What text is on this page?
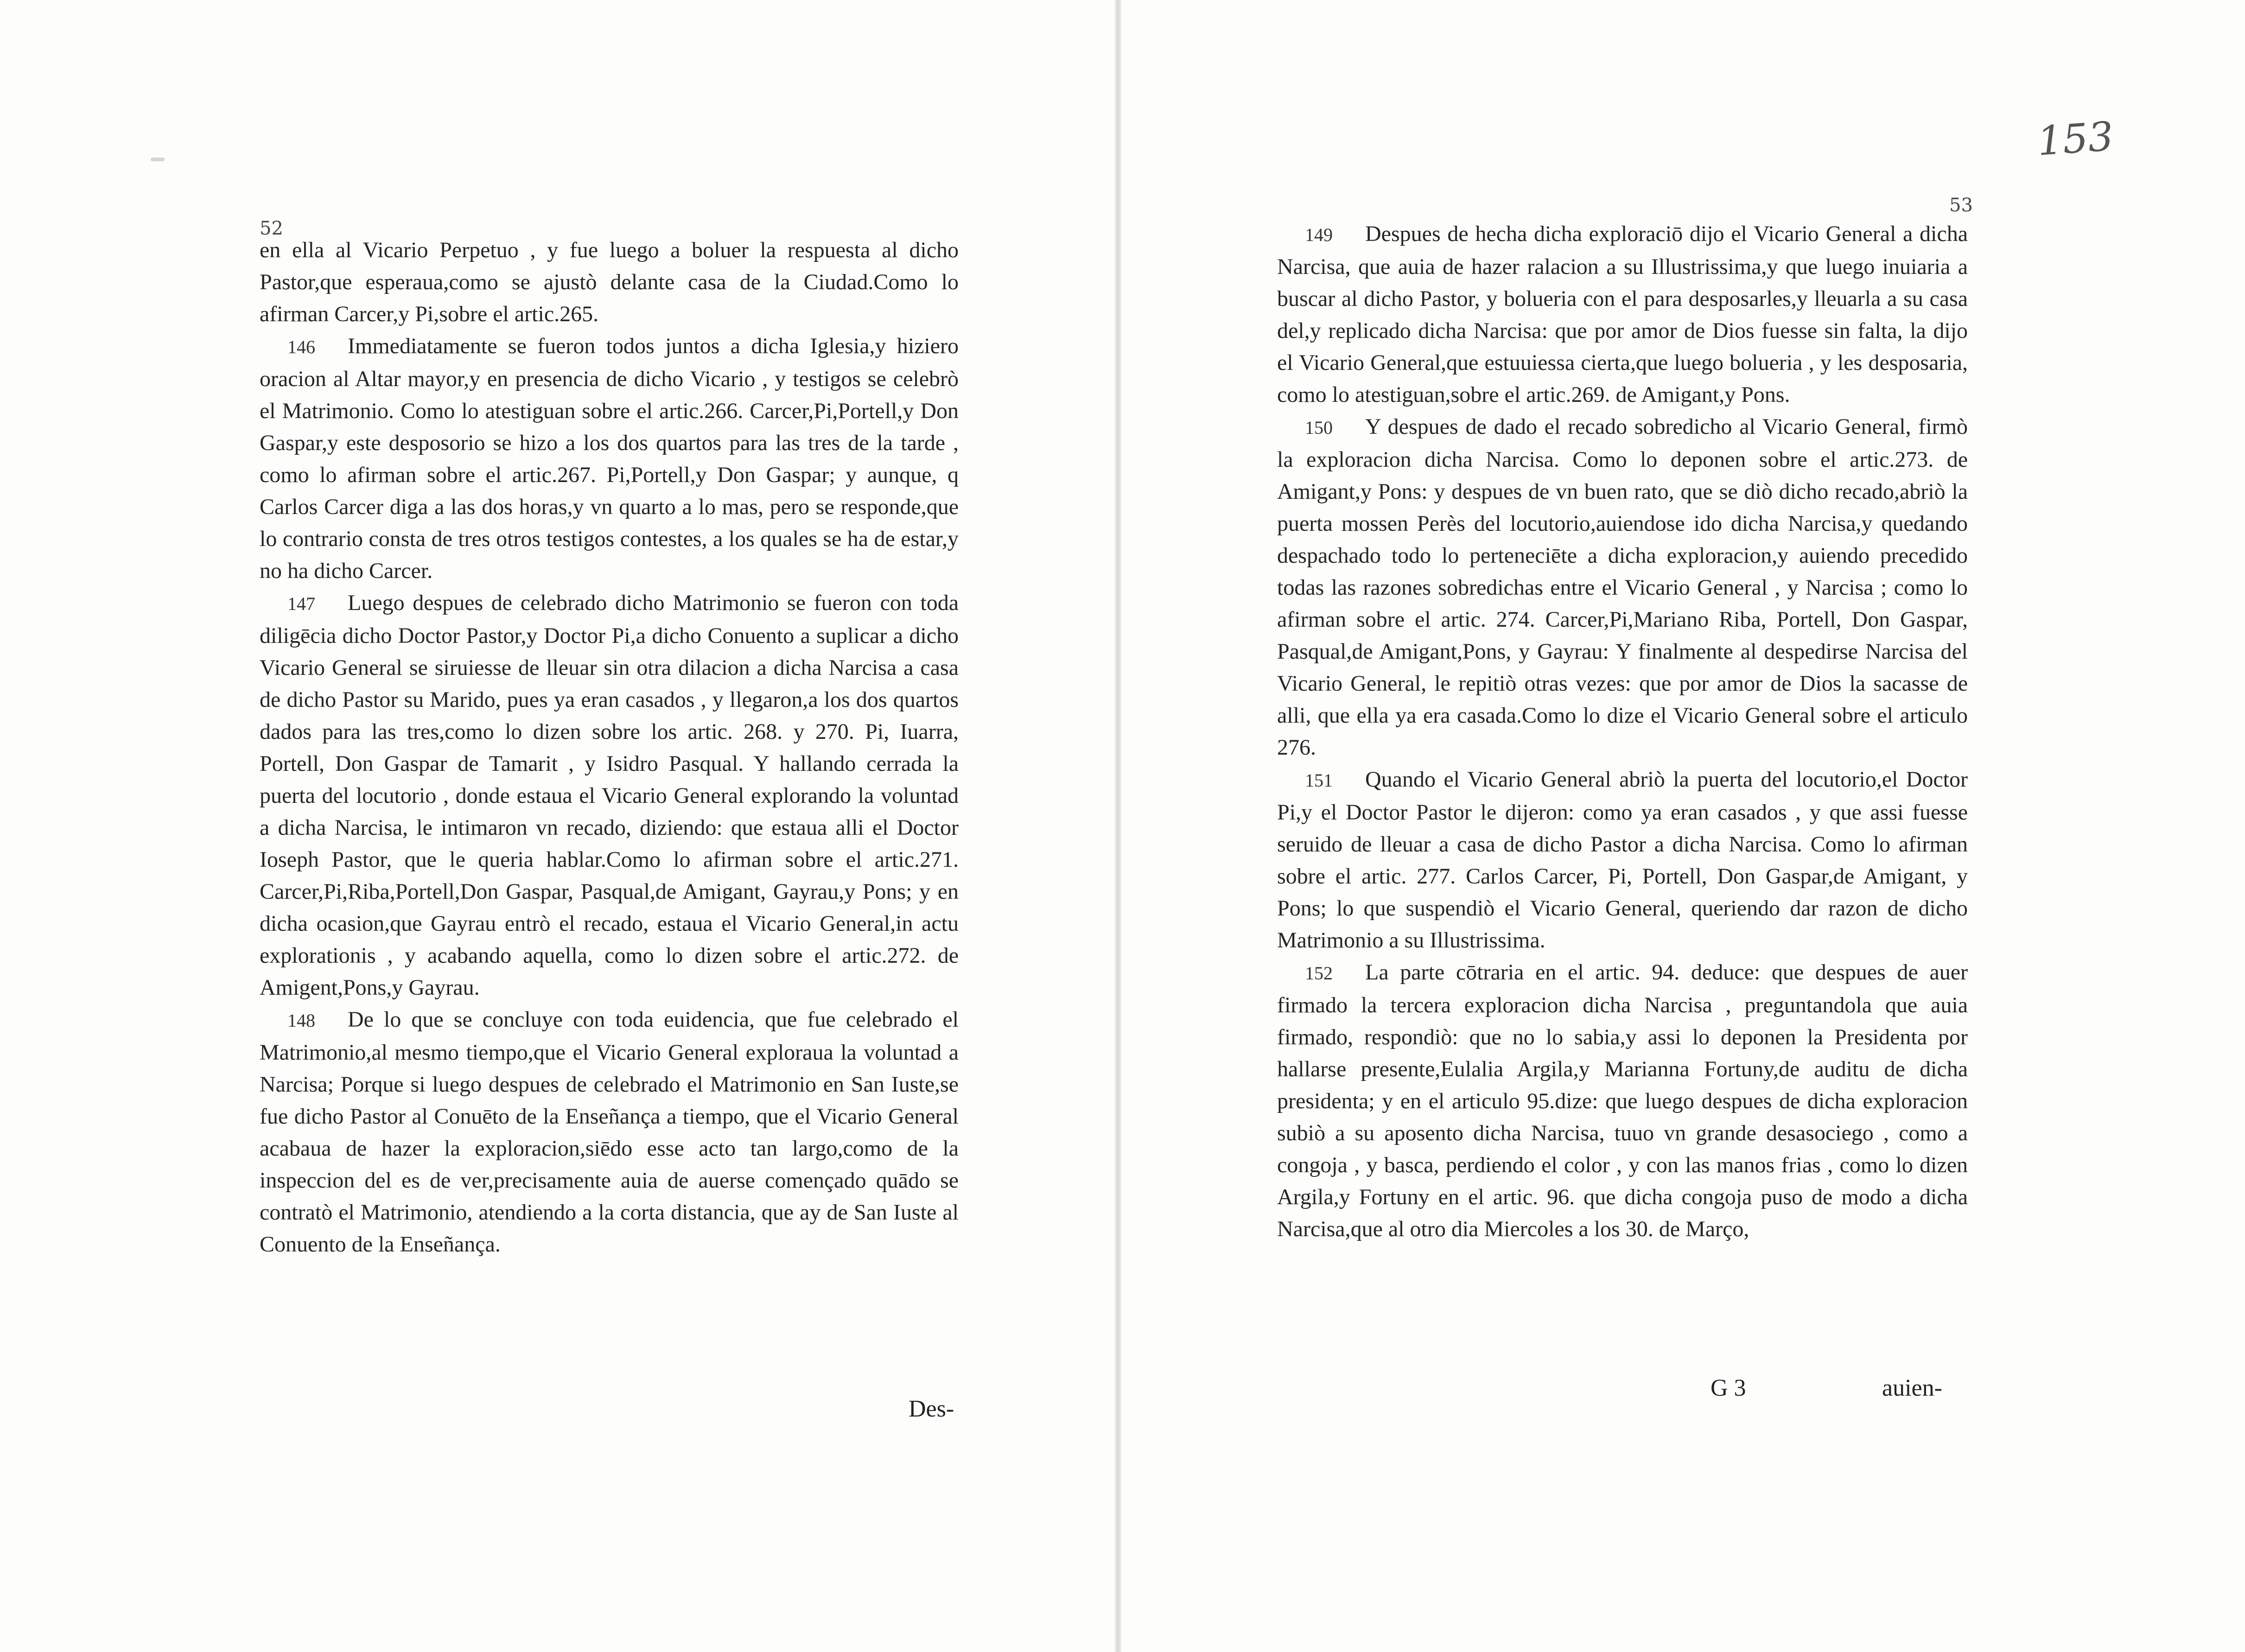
52

en ella al Vicario Perpetuo , y fue luego a boluer la respuesta al dicho Pastor,que esperaua,como se ajustò delante casa de la Ciudad.Como lo afirman Carcer,y Pi,sobre el artic.265.

146 Immediatamente se fueron todos juntos a dicha Iglesia,y hiziero oracion al Altar mayor,y en presencia de dicho Vicario , y testigos se celebrò el Matrimonio. Como lo atestiguan sobre el artic.266. Carcer,Pi,Portell,y Don Gaspar,y este desposorio se hizo a los dos quartos para las tres de la tarde , como lo afirman sobre el artic.267. Pi,Portell,y Don Gaspar; y aunque, q Carlos Carcer diga a las dos horas,y vn quarto a lo mas, pero se responde,que lo contrario consta de tres otros testigos contestes, a los quales se ha de estar,y no ha dicho Carcer.

147 Luego despues de celebrado dicho Matrimonio se fueron con toda diligēcia dicho Doctor Pastor,y Doctor Pi,a dicho Conuento a suplicar a dicho Vicario General se siruiesse de lleuar sin otra dilacion a dicha Narcisa a casa de dicho Pastor su Marido, pues ya eran casados , y llegaron,a los dos quartos dados para las tres,como lo dizen sobre los artic. 268. y 270. Pi, Iuarra, Portell, Don Gaspar de Tamarit , y Isidro Pasqual. Y hallando cerrada la puerta del locutorio , donde estaua el Vicario General explorando la voluntad a dicha Narcisa, le intimaron vn recado, diziendo: que estaua alli el Doctor Ioseph Pastor, que le queria hablar.Como lo afirman sobre el artic.271. Carcer,Pi,Riba,Portell,Don Gaspar, Pasqual,de Amigant, Gayrau,y Pons; y en dicha ocasion,que Gayrau entrò el recado, estaua el Vicario General,in actu explorationis , y acabando aquella, como lo dizen sobre el artic.272. de Amigent,Pons,y Gayrau.

148 De lo que se concluye con toda euidencia, que fue celebrado el Matrimonio,al mesmo tiempo,que el Vicario General exploraua la voluntad a Narcisa; Porque si luego despues de celebrado el Matrimonio en San Iuste,se fue dicho Pastor al Conuēto de la Enseñança a tiempo, que el Vicario General acabaua de hazer la exploracion,siēdo esse acto tan largo,como de la inspeccion del es de ver,precisamente auia de auerse començado quādo se contratò el Matrimonio, atendiendo a la corta distancia, que ay de San Iuste al Conuento de la Enseñança.

Des-
153
53

149 Despues de hecha dicha exploraciō dijo el Vicario General a dicha Narcisa, que auia de hazer ralacion a su Illustrissima,y que luego inuiaria a buscar al dicho Pastor, y bolueria con el para desposarles,y lleuarla a su casa del,y replicado dicha Narcisa: que por amor de Dios fuesse sin falta, la dijo el Vicario General,que estuuiessa cierta,que luego bolueria , y les desposaria, como lo atestiguan,sobre el artic.269. de Amigant,y Pons.

150 Y despues de dado el recado sobredicho al Vicario General, firmò la exploracion dicha Narcisa. Como lo deponen sobre el artic.273. de Amigant,y Pons: y despues de vn buen rato, que se diò dicho recado,abriò la puerta mossen Perès del locutorio,auiendose ido dicha Narcisa,y quedando despachado todo lo perteneciēte a dicha exploracion,y auiendo precedido todas las razones sobredichas entre el Vicario General , y Narcisa ; como lo afirman sobre el artic. 274. Carcer,Pi,Mariano Riba, Portell, Don Gaspar, Pasqual,de Amigant,Pons, y Gayrau: Y finalmente al despedirse Narcisa del Vicario General, le repitiò otras vezes: que por amor de Dios la sacasse de alli, que ella ya era casada.Como lo dize el Vicario General sobre el articulo 276.

151 Quando el Vicario General abriò la puerta del locutorio,el Doctor Pi,y el Doctor Pastor le dijeron: como ya eran casados , y que assi fuesse seruido de lleuar a casa de dicho Pastor a dicha Narcisa. Como lo afirman sobre el artic. 277. Carlos Carcer, Pi, Portell, Don Gaspar,de Amigant, y Pons; lo que suspendiò el Vicario General, queriendo dar razon de dicho Matrimonio a su Illustrissima.

152 La parte cōtraria en el artic. 94. deduce: que despues de auer firmado la tercera exploracion dicha Narcisa , preguntandola que auia firmado, respondiò: que no lo sabia,y assi lo deponen la Presidenta por hallarse presente,Eulalia Argila,y Marianna Fortuny,de auditu de dicha presidenta; y en el articulo 95.dize: que luego despues de dicha exploracion subiò a su aposento dicha Narcisa, tuuo vn grande desasociego , como a congoja , y basca, perdiendo el color , y con las manos frias , como lo dizen Argila,y Fortuny en el artic. 96. que dicha congoja puso de modo a dicha Narcisa,que al otro dia Miercoles a los 30. de Março,

G 3	auien-
